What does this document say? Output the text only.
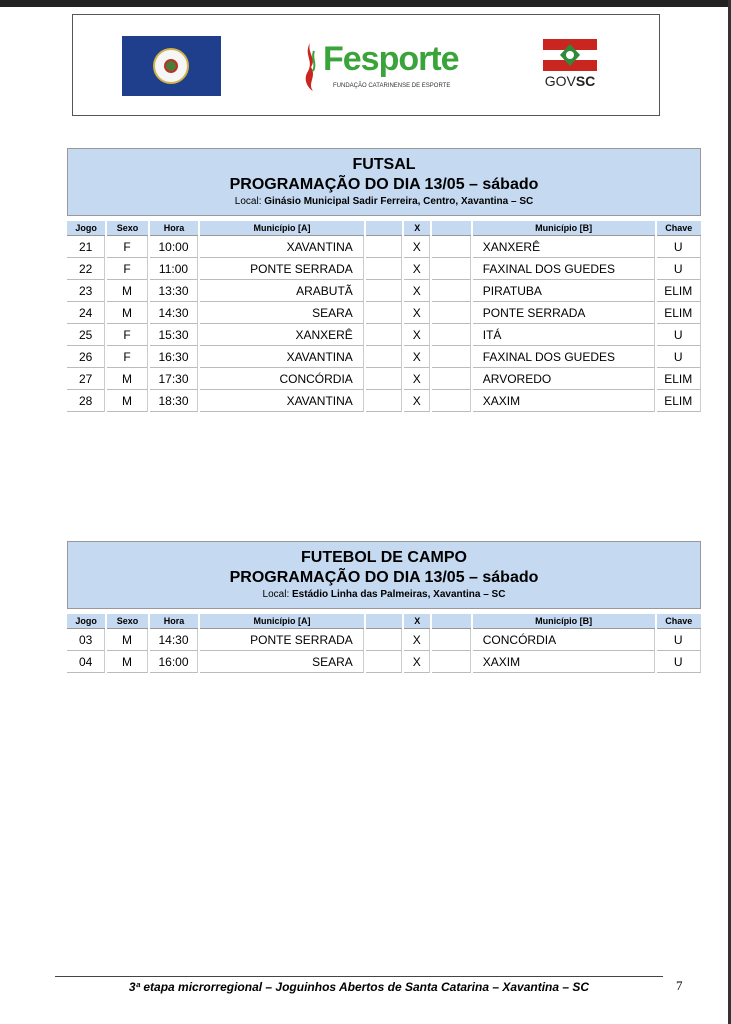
Fesporte
FUNDAÇÃO CATARINENSE DE ESPORTE	GOVSC
FUTSAL
PROGRAMAÇÃO DO DIA 13/05 – sábado
Local: Ginásio Municipal Sadir Ferreira, Centro, Xavantina – SC

Jogo	Sexo	Hora	Município [A]		X		Município [B]	Chave
21	F	10:00	XAVANTINA		X		XANXERÊ	U
22	F	11:00	PONTE SERRADA		X		FAXINAL DOS GUEDES	U
23	M	13:30	ARABUTÃ		X		PIRATUBA	ELIM
24	M	14:30	SEARA		X		PONTE SERRADA	ELIM
25	F	15:30	XANXERÊ		X		ITÁ	U
26	F	16:30	XAVANTINA		X		FAXINAL DOS GUEDES	U
27	M	17:30	CONCÓRDIA		X		ARVOREDO	ELIM
28	M	18:30	XAVANTINA		X		XAXIM	ELIM
FUTEBOL DE CAMPO
PROGRAMAÇÃO DO DIA 13/05 – sábado
Local: Estádio Linha das Palmeiras, Xavantina – SC

Jogo	Sexo	Hora	Município [A]		X		Município [B]	Chave
03	M	14:30	PONTE SERRADA		X		CONCÓRDIA	U
04	M	16:00	SEARA		X		XAXIM	U
3ª etapa microrregional – Joguinhos Abertos de Santa Catarina – Xavantina – SC	7
